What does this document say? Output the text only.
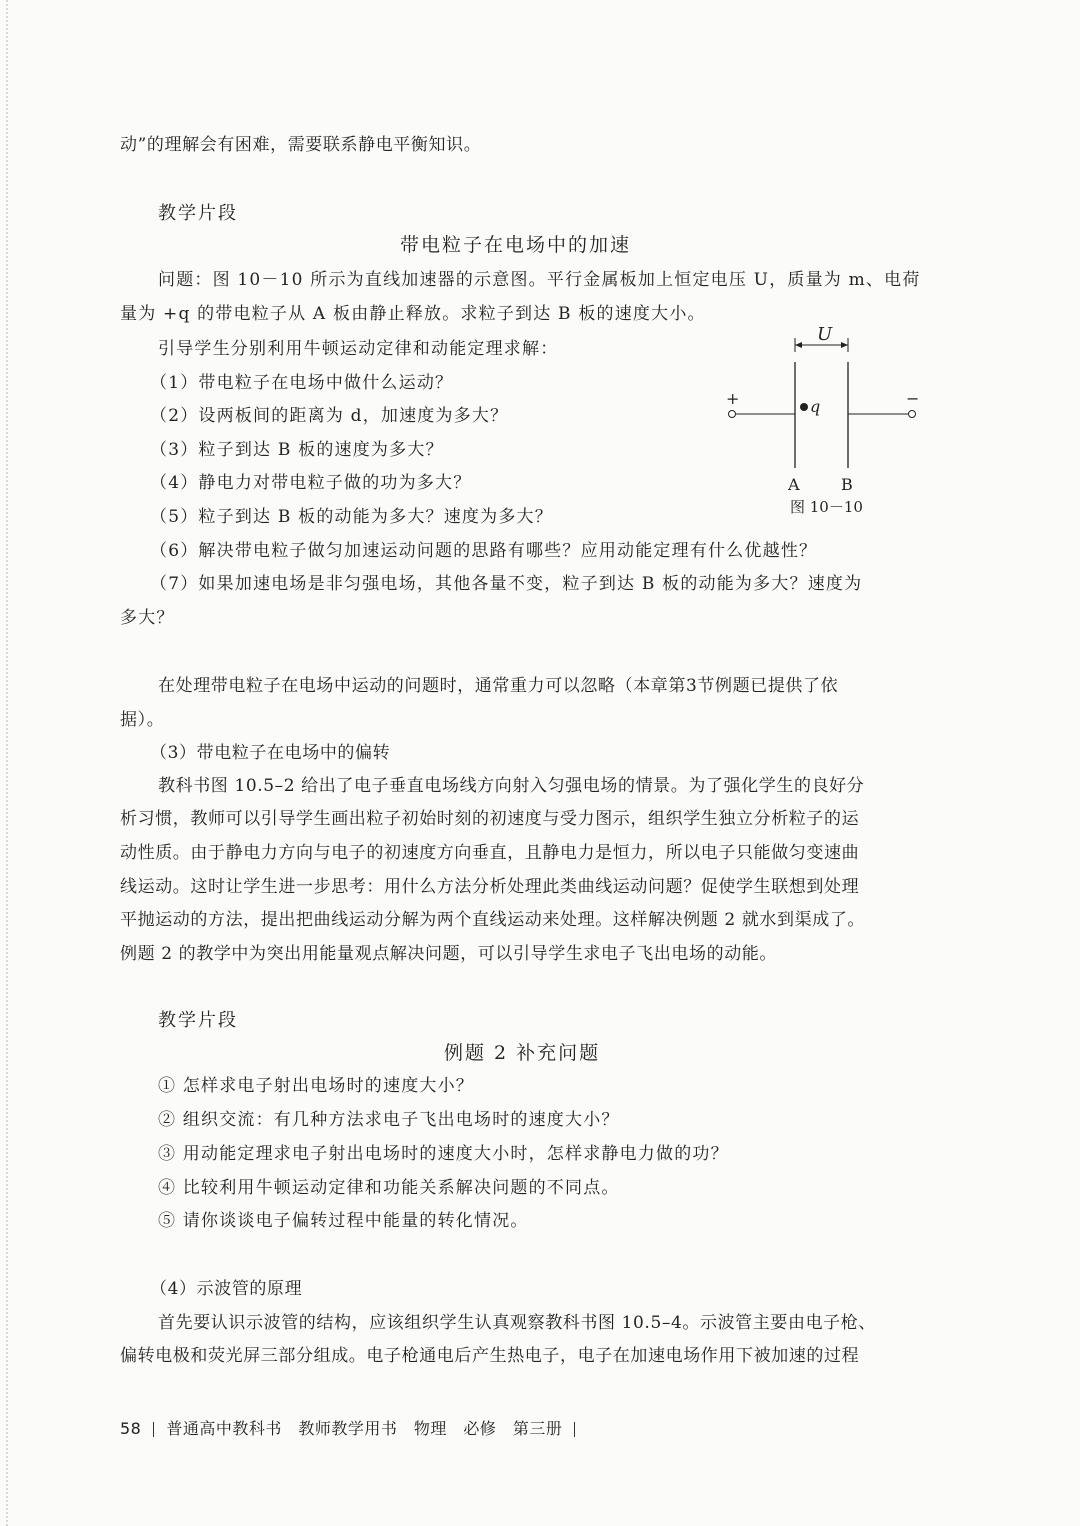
动”的理解会有困难，需要联系静电平衡知识。
教学片段
带电粒子在电场中的加速
问题：图 10－10 所示为直线加速器的示意图。平行金属板加上恒定电压 U，质量为 m、电荷
量为 +q 的带电粒子从 A 板由静止释放。求粒子到达 B 板的速度大小。
引导学生分别利用牛顿运动定律和动能定理求解：
（1）带电粒子在电场中做什么运动？
（2）设两板间的距离为 d，加速度为多大？
（3）粒子到达 B 板的速度为多大？
（4）静电力对带电粒子做的功为多大？
（5）粒子到达 B 板的动能为多大？速度为多大？
（6）解决带电粒子做匀加速运动问题的思路有哪些？应用动能定理有什么优越性？
（7）如果加速电场是非匀强电场，其他各量不变，粒子到达 B 板的动能为多大？速度为
多大？
U
+	−
q
A	B
图 10－10
在处理带电粒子在电场中运动的问题时，通常重力可以忽略（本章第3节例题已提供了依
据）。
（3）带电粒子在电场中的偏转
教科书图 10.5–2 给出了电子垂直电场线方向射入匀强电场的情景。为了强化学生的良好分
析习惯，教师可以引导学生画出粒子初始时刻的初速度与受力图示，组织学生独立分析粒子的运
动性质。由于静电力方向与电子的初速度方向垂直，且静电力是恒力，所以电子只能做匀变速曲
线运动。这时让学生进一步思考：用什么方法分析处理此类曲线运动问题？促使学生联想到处理
平抛运动的方法，提出把曲线运动分解为两个直线运动来处理。这样解决例题 2 就水到渠成了。
例题 2 的教学中为突出用能量观点解决问题，可以引导学生求电子飞出电场的动能。
教学片段
例题 2 补充问题
① 怎样求电子射出电场时的速度大小？
② 组织交流：有几种方法求电子飞出电场时的速度大小？
③ 用动能定理求电子射出电场时的速度大小时，怎样求静电力做的功？
④ 比较利用牛顿运动定律和功能关系解决问题的不同点。
⑤ 请你谈谈电子偏转过程中能量的转化情况。
（4）示波管的原理
首先要认识示波管的结构，应该组织学生认真观察教科书图 10.5–4。示波管主要由电子枪、
偏转电极和荧光屏三部分组成。电子枪通电后产生热电子，电子在加速电场作用下被加速的过程
58 普通高中教科书　教师教学用书　物理　必修　第三册
